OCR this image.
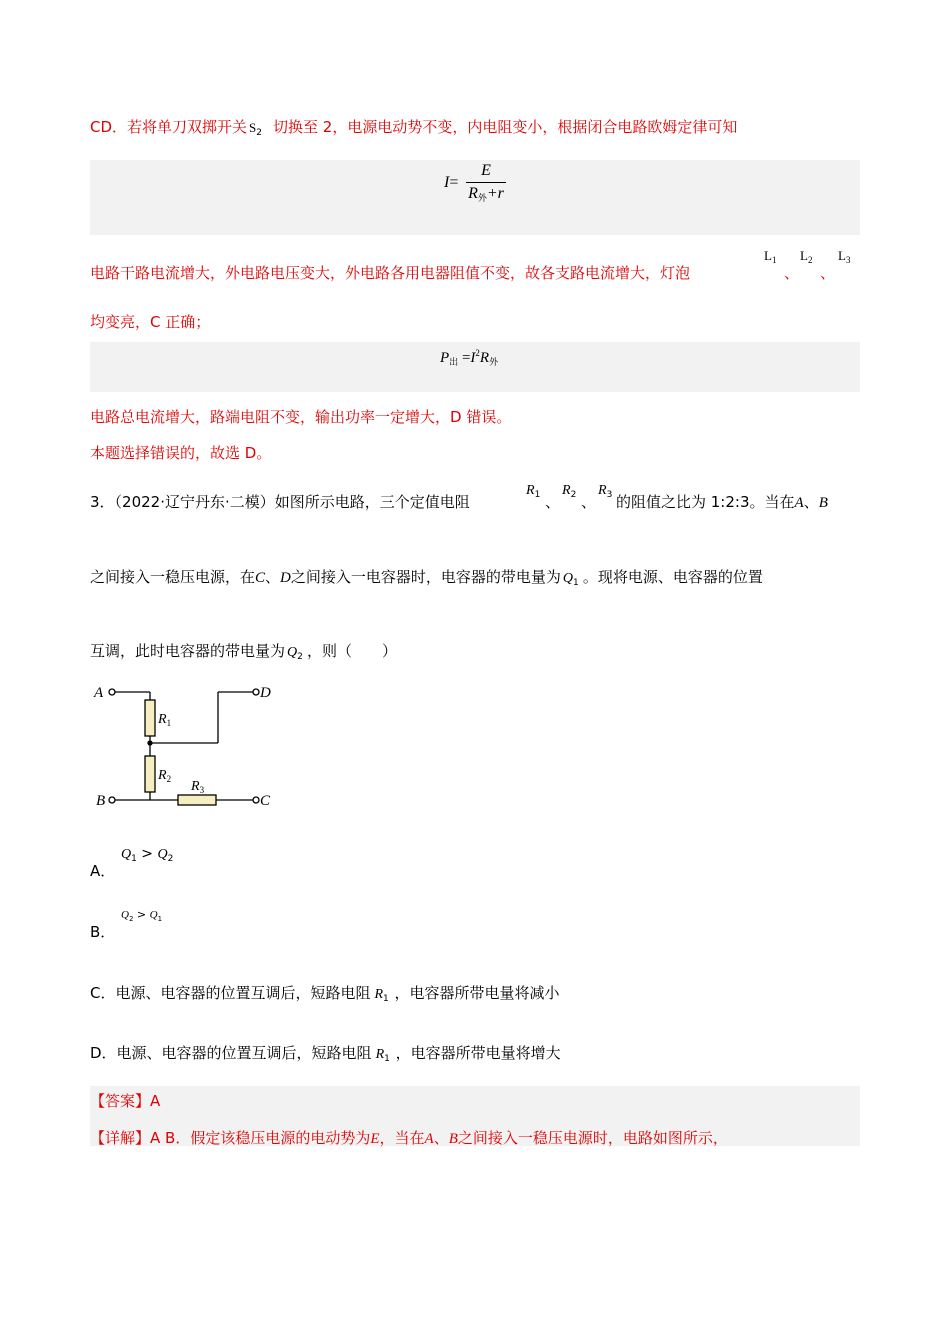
CD．若将单刀双掷开关 $S_2$ 切换至 2，电源电动势不变，内电阻变小，根据闭合电路欧姆定律可知
I=
E
$R_外+r$
电路干路电流增大，外电路电压变大，外电路各用电器阻值不变，故各支路电流增大，灯泡
$L_1$
、
$L_2$
、
$L_3$
均变亮，C 正确；
$P_出 =I^2R_外$
电路总电流增大，路端电阻不变，输出功率一定增大，D 错误。
本题选择错误的，故选 D。
3．（2022·辽宁丹东·二模）如图所示电路，三个定值电阻
$R_1$ 、
$R_2$ 、
$R_3$ 的阻值之比为 1:2:3。当在A、B
之间接入一稳压电源，在C、D之间接入一电容器时，电容器的带电量为 $Q_1$ 。现将电源、电容器的位置
互调，此时电容器的带电量为 $Q_2$ ，则（　　）
A	D
B	C
$R_1$
$R_2$ $R_3$
A．
$Q_1 > Q_2$
B．
$Q_2 > Q_1$
C．电源、电容器的位置互调后，短路电阻 $R_1$ ，电容器所带电量将减小
D．电源、电容器的位置互调后，短路电阻 $R_1$ ，电容器所带电量将增大
【答案】A
【详解】A B．假定该稳压电源的电动势为E，当在A、B之间接入一稳压电源时，电路如图所示，
